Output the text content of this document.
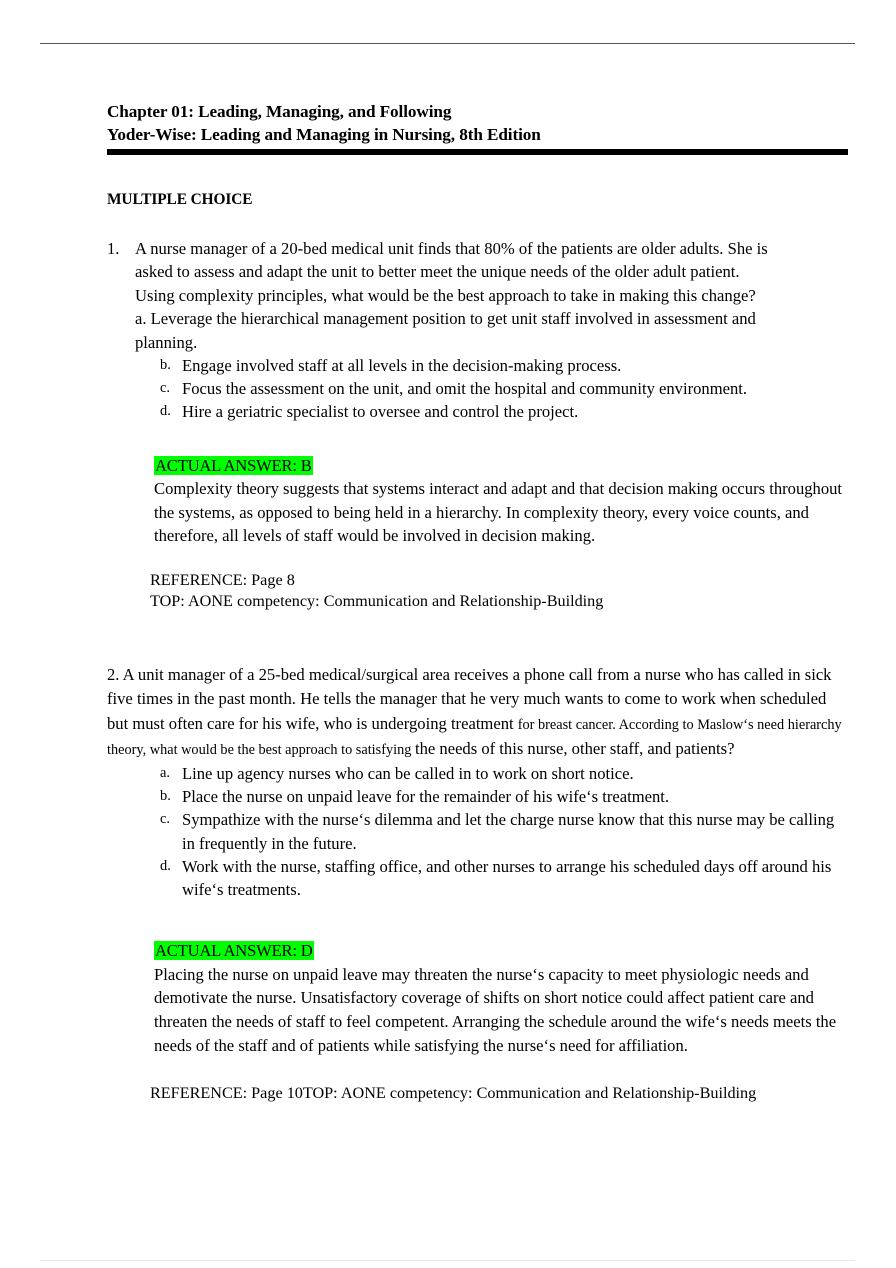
Chapter 01: Leading, Managing, and Following
Yoder-Wise: Leading and Managing in Nursing, 8th Edition
MULTIPLE CHOICE
1. A nurse manager of a 20-bed medical unit finds that 80% of the patients are older adults. She is
asked to assess and adapt the unit to better meet the unique needs of the older adult patient.
Using complexity principles, what would be the best approach to take in making this change?
a. Leverage the hierarchical management position to get unit staff involved in assessment and
planning.
b. Engage involved staff at all levels in the decision-making process.
c. Focus the assessment on the unit, and omit the hospital and community environment.
d. Hire a geriatric specialist to oversee and control the project.
ACTUAL ANSWER: B
Complexity theory suggests that systems interact and adapt and that decision making occurs throughout the systems, as opposed to being held in a hierarchy. In complexity theory, every voice counts, and therefore, all levels of staff would be involved in decision making.
REFERENCE: Page 8
TOP: AONE competency: Communication and Relationship-Building
2. A unit manager of a 25-bed medical/surgical area receives a phone call from a nurse who has called in sick five times in the past month. He tells the manager that he very much wants to come to work when scheduled but must often care for his wife, who is undergoing treatment for breast cancer. According to Maslow‘s need hierarchy theory, what would be the best approach to satisfying the needs of this nurse, other staff, and patients?
a. Line up agency nurses who can be called in to work on short notice.
b. Place the nurse on unpaid leave for the remainder of his wife‘s treatment.
c. Sympathize with the nurse‘s dilemma and let the charge nurse know that this nurse may be calling in frequently in the future.
d. Work with the nurse, staffing office, and other nurses to arrange his scheduled days off around his wife‘s treatments.
ACTUAL ANSWER: D
Placing the nurse on unpaid leave may threaten the nurse‘s capacity to meet physiologic needs and demotivate the nurse. Unsatisfactory coverage of shifts on short notice could affect patient care and threaten the needs of staff to feel competent. Arranging the schedule around the wife‘s needs meets the needs of the staff and of patients while satisfying the nurse‘s need for affiliation.
REFERENCE: Page 10TOP: AONE competency: Communication and Relationship-Building
